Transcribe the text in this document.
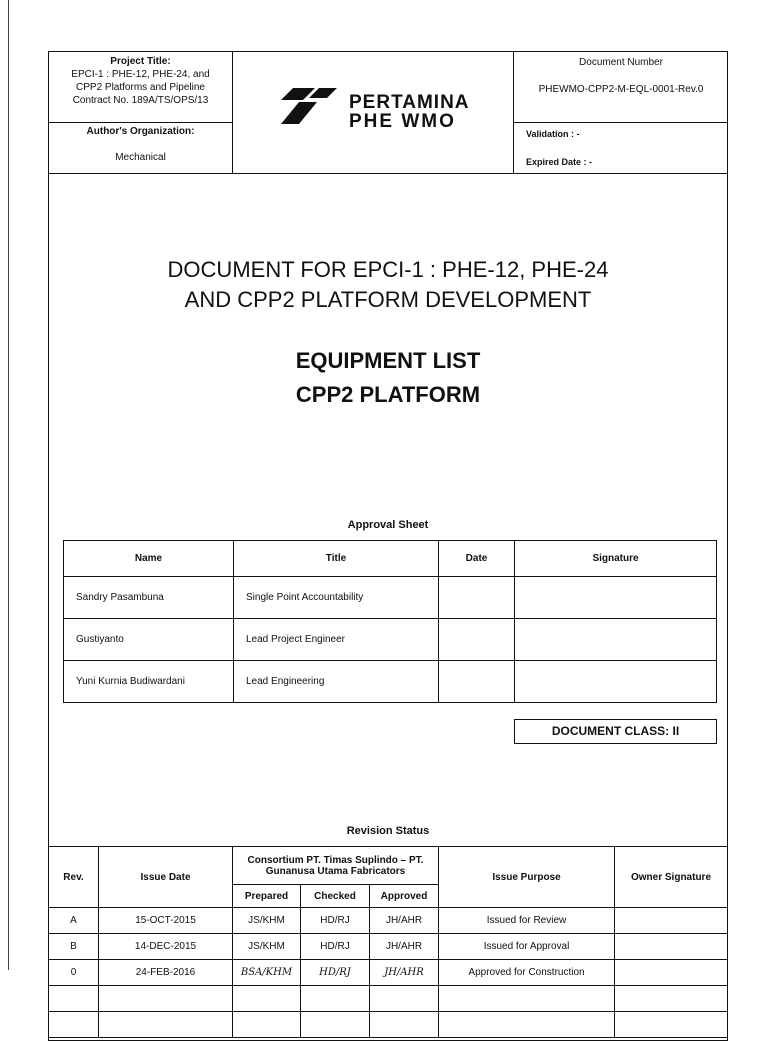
Project Title:
EPCI-1 : PHE-12, PHE-24, and
CPP2 Platforms and Pipeline
Contract No. 189A/TS/OPS/13
Author's Organization:
Mechanical
PERTAMINA
PHE WMO
Document Number
PHEWMO-CPP2-M-EQL-0001-Rev.0
Validation : -
Expired Date : -
DOCUMENT FOR EPCI-1 : PHE-12, PHE-24
AND CPP2 PLATFORM DEVELOPMENT
EQUIPMENT LIST
CPP2 PLATFORM
Approval Sheet
Name	Title	Date	Signature
Sandry Pasambuna	Single Point Accountability		
Gustiyanto	Lead Project Engineer		
Yuni Kurnia Budiwardani	Lead Engineering		
DOCUMENT CLASS: II
Revision Status
Rev.	Issue Date	Consortium PT. Timas Suplindo – PT. Gunanusa Utama Fabricators			Issue Purpose	Owner Signature
		Prepared	Checked	Approved		
A	15-OCT-2015	JS/KHM	HD/RJ	JH/AHR	Issued for Review	
B	14-DEC-2015	JS/KHM	HD/RJ	JH/AHR	Issued for Approval	
0	24-FEB-2016	BSA/KHM	HD/RJ	JH/AHR	Approved for Construction	
